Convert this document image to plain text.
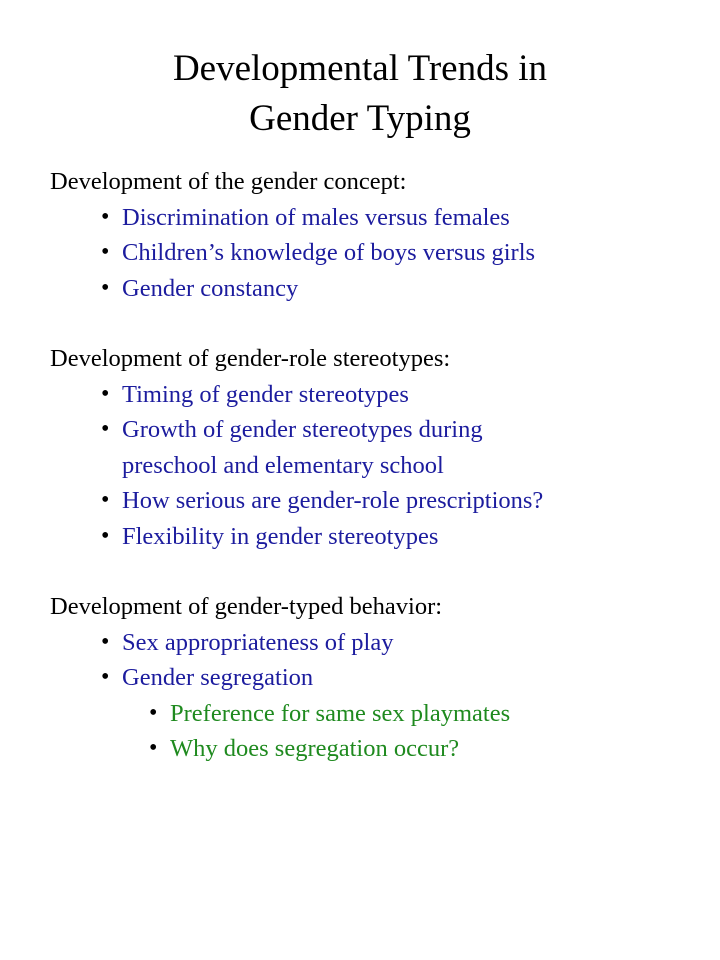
Developmental Trends in
Gender Typing
Development of the gender concept:
• Discrimination of males versus females
• Children’s knowledge of boys versus girls
• Gender constancy
Development of gender-role stereotypes:
• Timing of gender stereotypes
• Growth of gender stereotypes during
preschool and elementary school
• How serious are gender-role prescriptions?
• Flexibility in gender stereotypes
Development of gender-typed behavior:
• Sex appropriateness of play
• Gender segregation
• Preference for same sex playmates
• Why does segregation occur?
